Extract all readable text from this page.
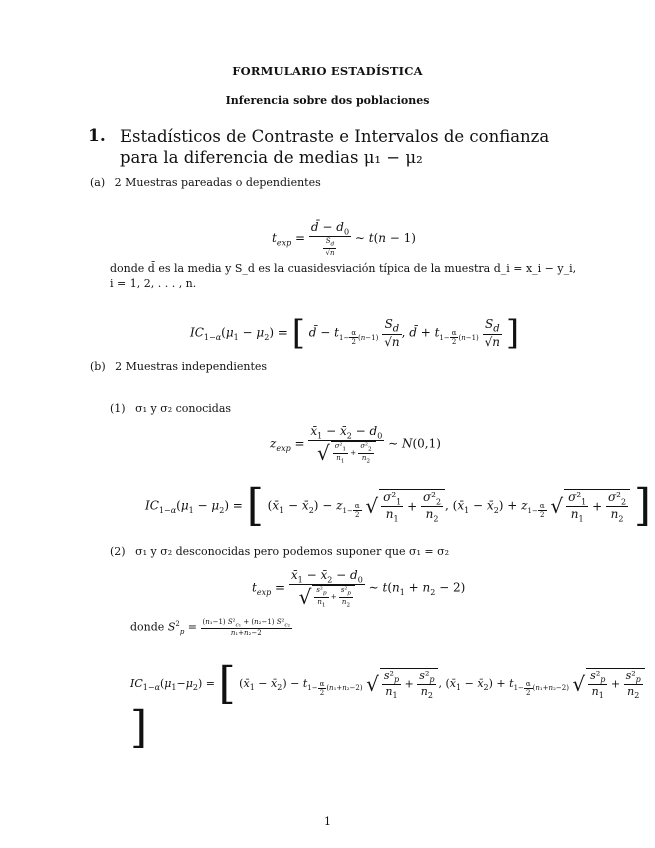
FORMULARIO ESTADÍSTICA
Inferencia sobre dos poblaciones
1. Estadísticos de Contraste e Intervalos de confianza para la diferencia de medias μ₁ − μ₂
(a) 2 Muestras pareadas o dependientes
$t_{exp} = \frac{d̄ - d_0}{\frac{S_d}{√n}}$ ∼ t(n − 1)
donde d̄ es la media y S_d es la cuasidesviación típica de la muestra d_i = x_i − y_i,
i = 1, 2, . . . , n.
$IC_{1-\alpha}(\mu_1 - \mu_2)$ = [ d̄ − $t_{1- \frac{\alpha}{2} (n-1)} \frac{S_d}{√n}$ , d̄ + $t_{1- \frac{\alpha}{2} (n-1)} \frac{S_d}{√n}$ ]
(b) 2 Muestras independientes
(1) σ₁ y σ₂ conocidas
$z_{exp} = \frac{x̄_1 - x̄_2 - d_0}{√ \frac{\sigma^2_1}{n_1} + \frac{\sigma^2_2}{n_2}}$ ∼ N(0,1)
$IC_{1-\alpha}(\mu_1 - \mu_2)$ = [ ($x̄_1$ − $x̄_2) - z_{1- \frac{\alpha}{2}}$ √ $\frac{\sigma^2_1}{n_1} + \frac{\sigma^2_2}{n_2}$ , ($x̄_1$ − $x̄_2) + z_{1- \frac{\alpha}{2}}$ √ $\frac{\sigma^2_1}{n_1} + \frac{\sigma^2_2}{n_2}$ ]
(2) σ₁ y σ₂ desconocidas pero podemos suponer que σ₁ = σ₂
$t_{exp} = \frac{x̄_1 - x̄_2 - d_0}{√ \frac{s^2_p}{n_1} + \frac{s^2_p}{n_2}}$ ∼ $t(n_1 + n_2 - 2)$
donde $S^2_p = \frac{(n_1-1) S^2_{c_1} + (n_2-1) S^2_{c_2}}{\text{n₁+n₂−2}}$
$IC_{1-\alpha}(\mu_1-\mu_2)$ = [ ($x̄_1$ − $x̄_2) - t_{1- \frac{\alpha}{2} (n_1+n_2-2)}$ √ $\frac{s^2_p}{n_1} + \frac{s^2_p}{n_2}$ , ($x̄_1$ − $x̄_2) + t_{1- \frac{\alpha}{2} (n_1+n_2-2)}$ √ $\frac{s^2_p}{n_1} + \frac{s^2_p}{n_2}$
]
1
